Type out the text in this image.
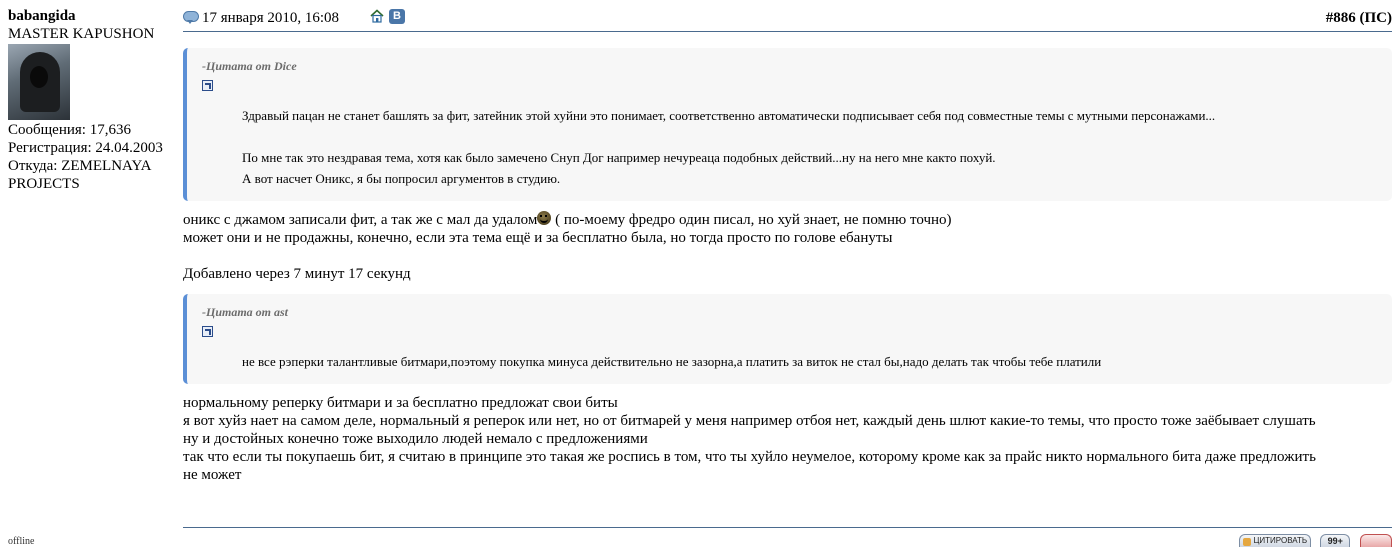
babangida
MASTER KAPUSHON
Сообщения: 17,636
Регистрация: 24.04.2003
Откуда: ZEMELNAYA
PROJECTS
offline
17 января 2010, 16:08	В	#886 (ПС)
-Цитата от Dice

Здравый пацан не станет башлять за фит, затейник этой хуйни это понимает, соответственно автоматически подписывает себя под совместные темы с мутными персонажами...

По мне так это нездравая тема, хотя как было замечено Снуп Дог например нечуреаца подобных действий...ну на него мне както похуй.

А вот насчет Оникс, я бы попросил аргументов в студию.

оникс с джамом записали фит, а так же с мал да удалом ( по-моему фредро один писал, но хуй знает, не помню точно)

может они и не продажны, конечно, если эта тема ещё и за бесплатно была, но тогда просто по голове ебануты

Добавлено через 7 минут 17 секунд

-Цитата от ast

не все рэперки талантливые битмари,поэтому покупка минуса действительно не зазорна,а платить за виток не стал бы,надо делать так чтобы тебе платили

нормальному реперку битмари и за бесплатно предложат свои биты

я вот хуйз нает на самом деле, нормальный я реперок или нет, но от битмарей у меня например отбоя нет, каждый день шлют какие-то темы, что просто тоже заёбывает слушать

ну и достойных конечно тоже выходило людей немало с предложениями

так что если ты покупаешь бит, я считаю в принципе это такая же роспись в том, что ты хуйло неумелое, которому кроме как за прайс никто нормального бита даже предложить

не может

ЦИТИРОВАТЬ 99+
